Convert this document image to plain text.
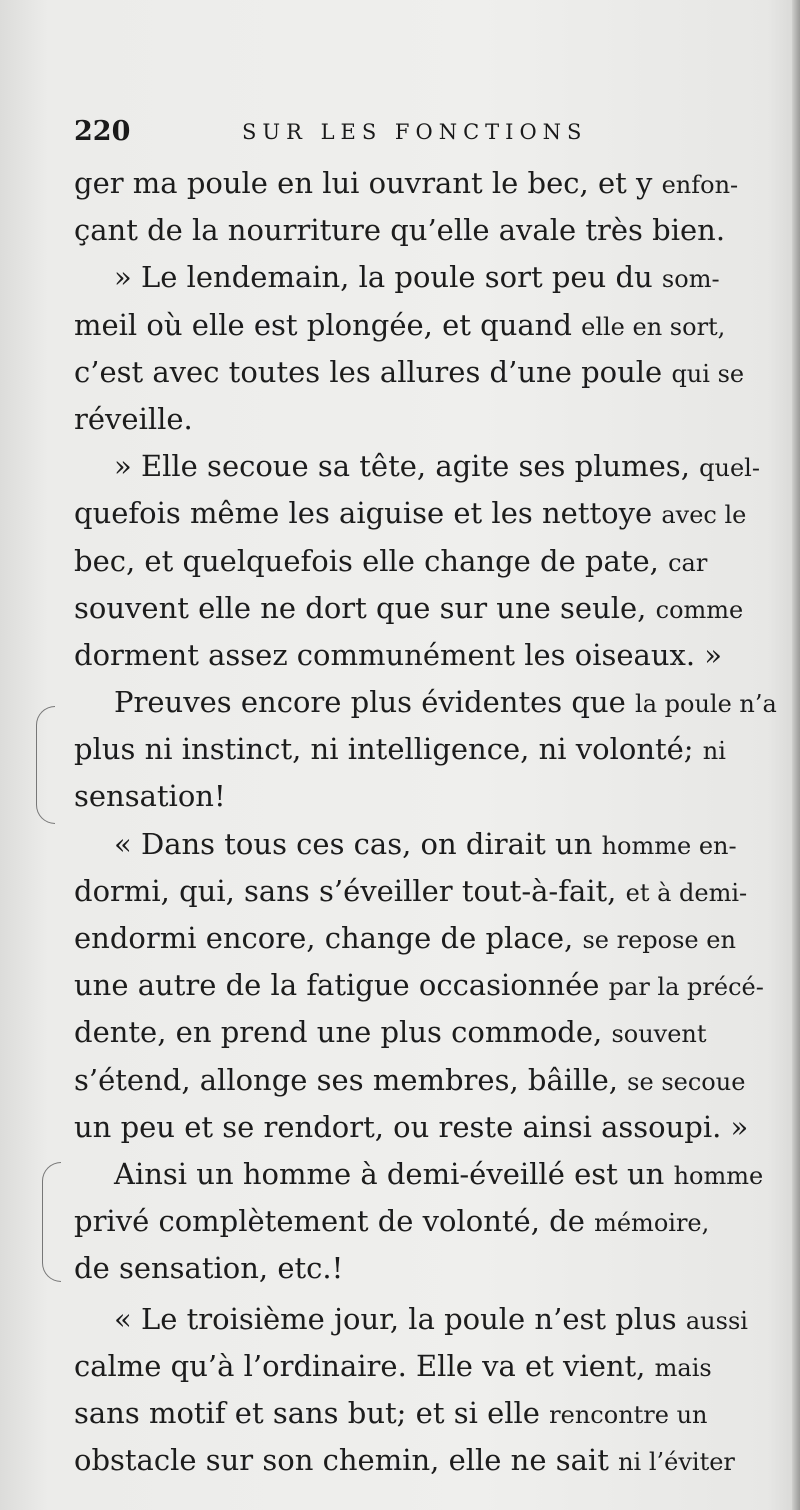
220	SUR LES FONCTIONS
ger ma poule en lui ouvrant le bec, et y enfon-
çant de la nourriture qu’elle avale très bien.
» Le lendemain, la poule sort peu du som-
meil où elle est plongée, et quand elle en sort,
c’est avec toutes les allures d’une poule qui se
réveille.
» Elle secoue sa tête, agite ses plumes, quel-
quefois même les aiguise et les nettoye avec le
bec, et quelquefois elle change de pate, car
souvent elle ne dort que sur une seule, comme
dorment assez communément les oiseaux. »
Preuves encore plus évidentes que la poule n’a
plus ni instinct, ni intelligence, ni volonté; ni
sensation!
« Dans tous ces cas, on dirait un homme en-
dormi, qui, sans s’éveiller tout-à-fait, et à demi-
endormi encore, change de place, se repose en
une autre de la fatigue occasionnée par la précé-
dente, en prend une plus commode, souvent
s’étend, allonge ses membres, bâille, se secoue
un peu et se rendort, ou reste ainsi assoupi. »
Ainsi un homme à demi-éveillé est un homme
privé complètement de volonté, de mémoire,
de sensation, etc.!
« Le troisième jour, la poule n’est plus aussi
calme qu’à l’ordinaire. Elle va et vient, mais
sans motif et sans but; et si elle rencontre un
obstacle sur son chemin, elle ne sait ni l’éviter
